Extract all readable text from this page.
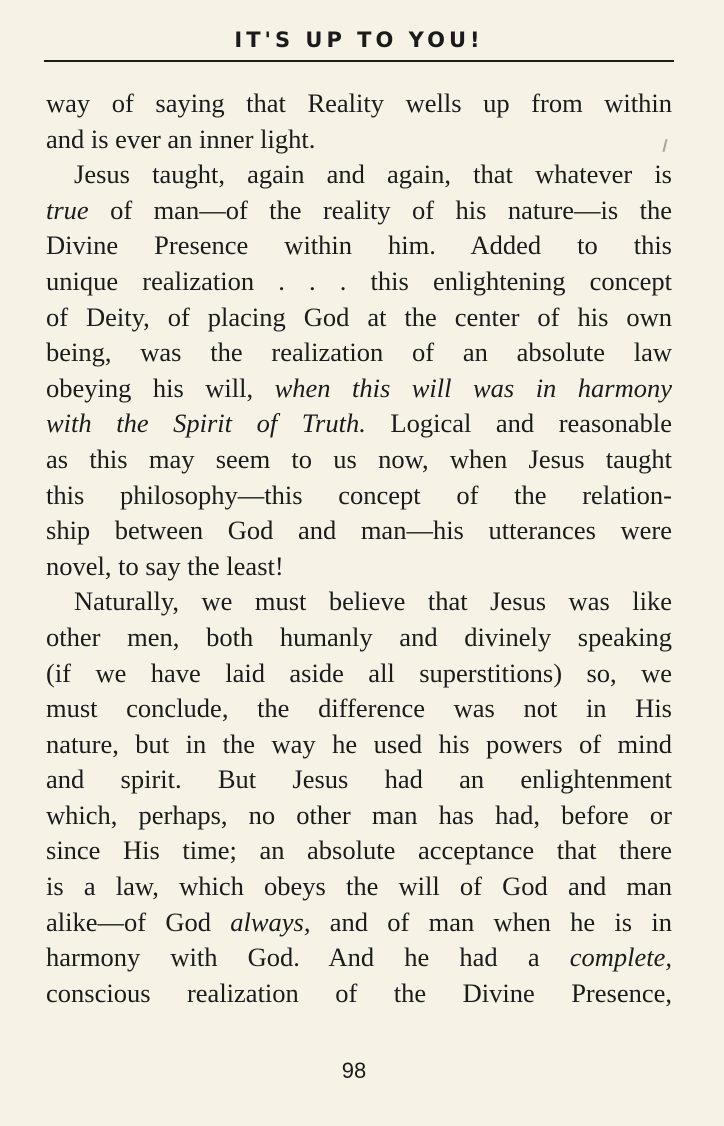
IT'S UP TO YOU!
way of saying that Reality wells up from within
and is ever an inner light.
Jesus taught, again and again, that whatever is
true of man—of the reality of his nature—is the
Divine Presence within him. Added to this
unique realization . . . this enlightening concept
of Deity, of placing God at the center of his own
being, was the realization of an absolute law
obeying his will, when this will was in harmony
with the Spirit of Truth. Logical and reasonable
as this may seem to us now, when Jesus taught
this philosophy—this concept of the relation-
ship between God and man—his utterances were
novel, to say the least!
Naturally, we must believe that Jesus was like
other men, both humanly and divinely speaking
(if we have laid aside all superstitions) so, we
must conclude, the difference was not in His
nature, but in the way he used his powers of mind
and spirit. But Jesus had an enlightenment
which, perhaps, no other man has had, before or
since His time; an absolute acceptance that there
is a law, which obeys the will of God and man
alike—of God always, and of man when he is in
harmony with God. And he had a complete,
conscious realization of the Divine Presence,
98
